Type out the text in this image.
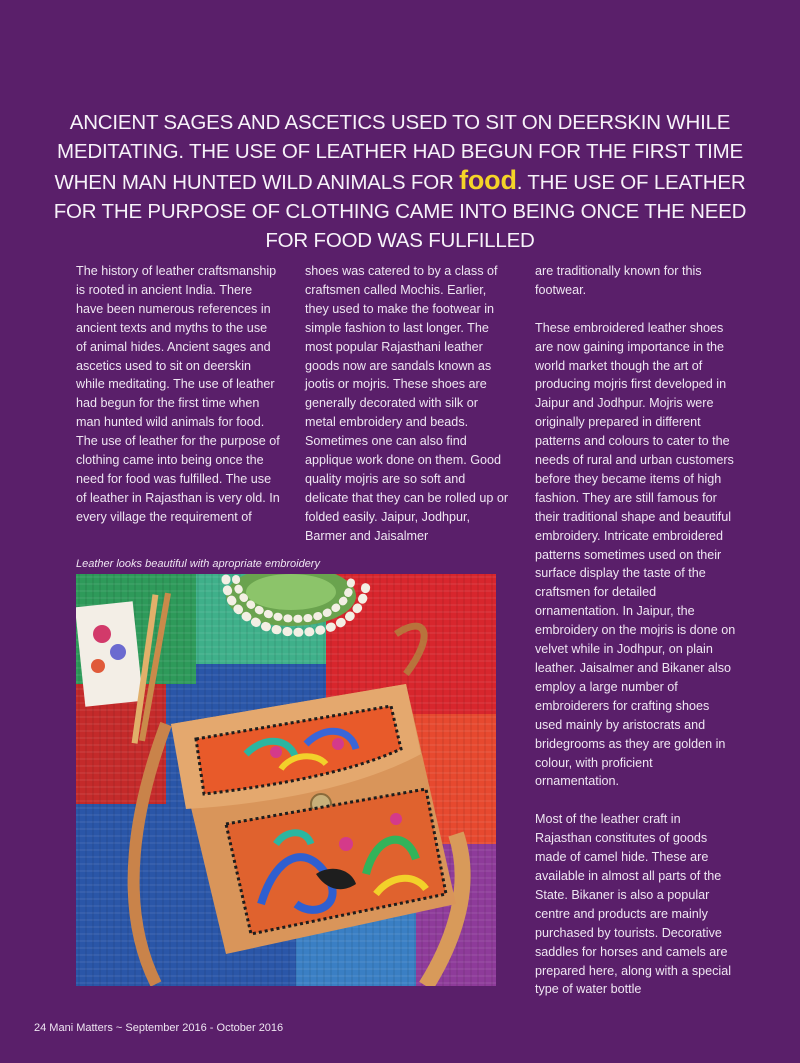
ANCIENT SAGES AND ASCETICS USED TO SIT ON DEERSKIN WHILE MEDITATING. THE USE OF LEATHER HAD BEGUN FOR THE FIRST TIME WHEN MAN HUNTED WILD ANIMALS FOR food. THE USE OF LEATHER FOR THE PURPOSE OF CLOTHING CAME INTO BEING ONCE THE NEED FOR FOOD WAS FULFILLED

The history of leather craftsmanship is rooted in ancient India. There have been numerous references in ancient texts and myths to the use of animal hides. Ancient sages and ascetics used to sit on deerskin while meditating. The use of leather had begun for the first time when man hunted wild animals for food. The use of leather for the purpose of clothing came into being once the need for food was fulfilled. The use of leather in Rajasthan is very old. In every village the requirement of

shoes was catered to by a class of craftsmen called Mochis. Earlier, they used to make the footwear in simple fashion to last longer. The most popular Rajasthani leather goods now are sandals known as jootis or mojris. These shoes are generally decorated with silk or metal embroidery and beads. Sometimes one can also find applique work done on them. Good quality mojris are so soft and delicate that they can be rolled up or folded easily. Jaipur, Jodhpur, Barmer and Jaisalmer

are traditionally known for this footwear.

These embroidered leather shoes are now gaining importance in the world market though the art of producing mojris first developed in Jaipur and Jodhpur. Mojris were originally prepared in different patterns and colours to cater to the needs of rural and urban customers before they became items of high fashion. They are still famous for their traditional shape and beautiful embroidery. Intricate embroidered patterns sometimes used on their surface display the taste of the craftsmen for detailed ornamentation. In Jaipur, the embroidery on the mojris is done on velvet while in Jodhpur, on plain leather. Jaisalmer and Bikaner also employ a large number of embroiderers for crafting shoes used mainly by aristocrats and bridegrooms as they are golden in colour, with proficient ornamentation.

Most of the leather craft in Rajasthan constitutes of goods made of camel hide. These are available in almost all parts of the State. Bikaner is also a popular centre and products are mainly purchased by tourists. Decorative saddles for horses and camels are prepared here, along with a special type of water bottle

Leather looks beautiful with apropriate embroidery
24 Mani Matters ~ September 2016 - October 2016
